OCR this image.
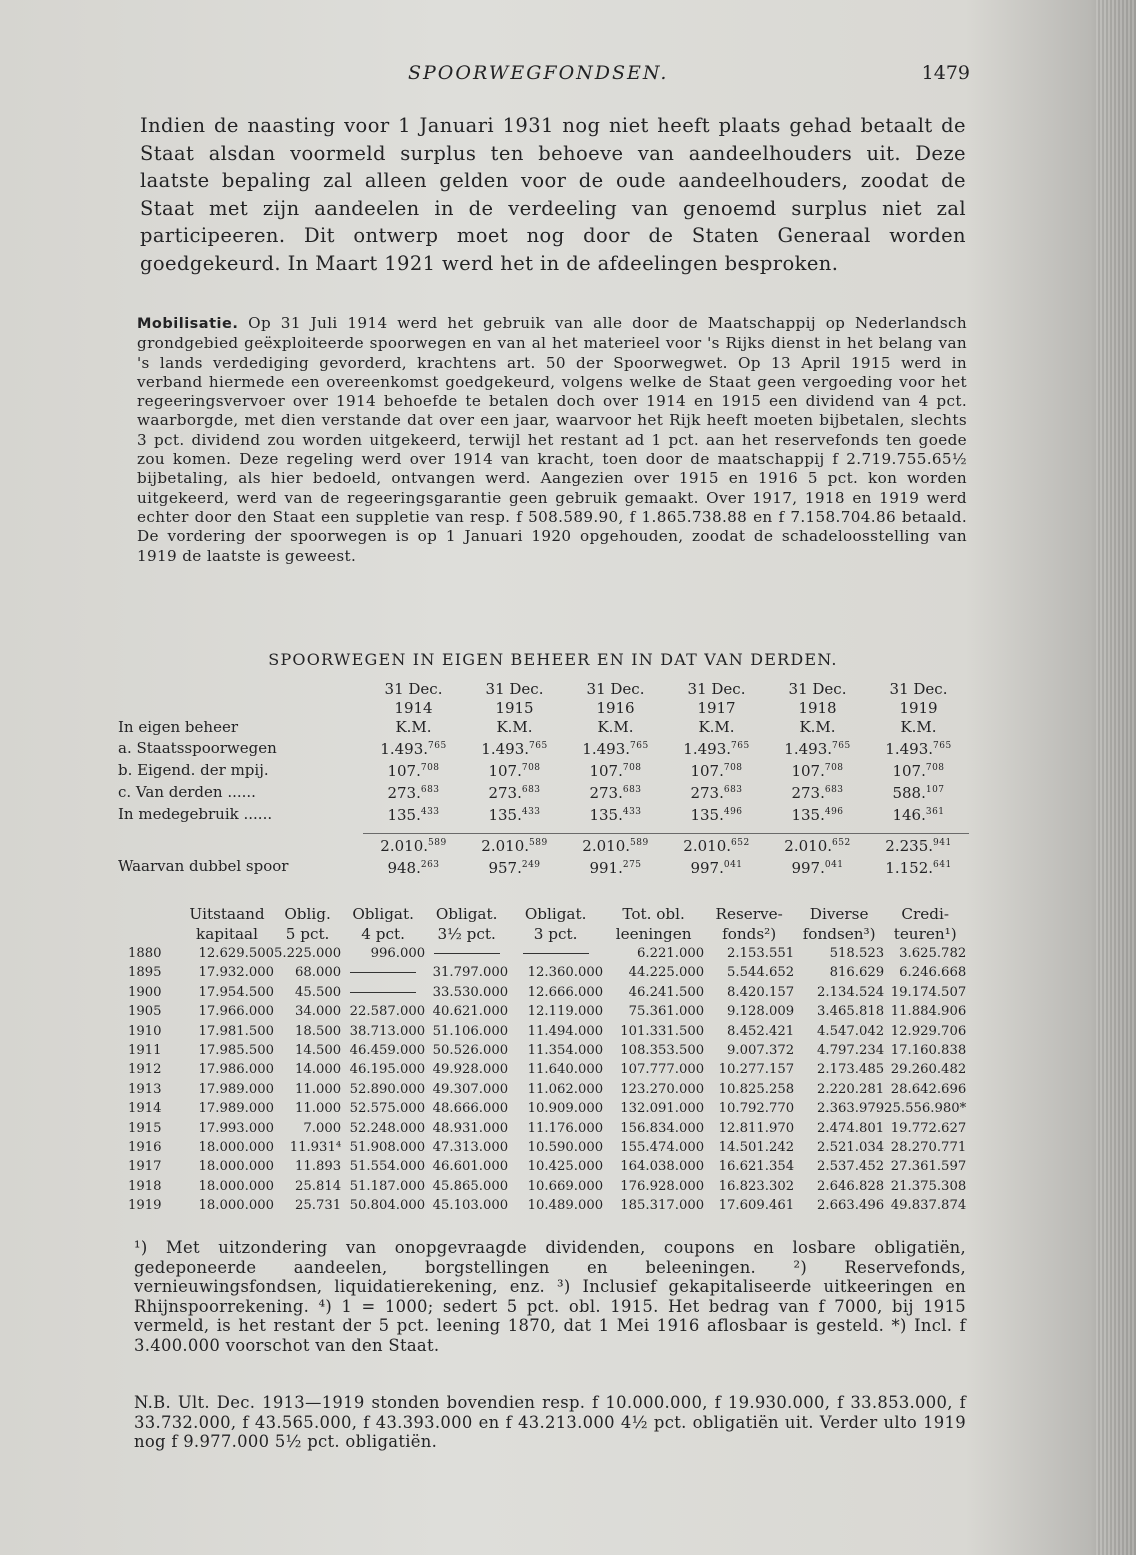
SPOORWEGFONDSEN.	1479

Indien de naasting voor 1 Januari 1931 nog niet heeft plaats gehad betaalt de Staat alsdan voormeld surplus ten behoeve van aandeelhouders uit. Deze laatste bepaling zal alleen gelden voor de oude aandeelhouders, zoodat de Staat met zijn aandeelen in de verdeeling van genoemd surplus niet zal participeeren. Dit ontwerp moet nog door de Staten Generaal worden goedgekeurd. In Maart 1921 werd het in de afdeelingen besproken.

Mobilisatie. Op 31 Juli 1914 werd het gebruik van alle door de Maatschappij op Nederlandsch grondgebied geëxploiteerde spoorwegen en van al het materieel voor 's Rijks dienst in het belang van 's lands verdediging gevorderd, krachtens art. 50 der Spoorwegwet. Op 13 April 1915 werd in verband hiermede een overeenkomst goedgekeurd, volgens welke de Staat geen vergoeding voor het regeeringsvervoer over 1914 behoefde te betalen doch over 1914 en 1915 een dividend van 4 pct. waarborgde, met dien verstande dat over een jaar, waarvoor het Rijk heeft moeten bijbetalen, slechts 3 pct. dividend zou worden uitgekeerd, terwijl het restant ad 1 pct. aan het reservefonds ten goede zou komen. Deze regeling werd over 1914 van kracht, toen door de maatschappij f 2.719.755.65½ bijbetaling, als hier bedoeld, ontvangen werd. Aangezien over 1915 en 1916 5 pct. kon worden uitgekeerd, werd van de regeeringsgarantie geen gebruik gemaakt. Over 1917, 1918 en 1919 werd echter door den Staat een suppletie van resp. f 508.589.90, f 1.865.738.88 en f 7.158.704.86 betaald. De vordering der spoorwegen is op 1 Januari 1920 opgehouden, zoodat de schadeloosstelling van 1919 de laatste is geweest.

SPOORWEGEN IN EIGEN BEHEER EN IN DAT VAN DERDEN.
	31 Dec.	31 Dec.	31 Dec.	31 Dec.	31 Dec.	31 Dec.
	1914	1915	1916	1917	1918	1919
In eigen beheer	K.M.	K.M.	K.M.	K.M.	K.M.	K.M.
a. Staatsspoorwegen	1.493.$^{765}$	1.493.$^{765}$	1.493.$^{765}$	1.493.$^{765}$	1.493.$^{765}$	1.493.$^{765}$
b. Eigend. der mpij.	107.$^{708}$	107.$^{708}$	107.$^{708}$	107.$^{708}$	107.$^{708}$	107.$^{708}$
c. Van derden ......	273.$^{683}$	273.$^{683}$	273.$^{683}$	273.$^{683}$	273.$^{683}$	588.$^{107}$
In medegebruik ......	135.$^{433}$	135.$^{433}$	135.$^{433}$	135.$^{496}$	135.$^{496}$	146.$^{361}$

	2.010.$^{589}$	2.010.$^{589}$	2.010.$^{589}$	2.010.$^{652}$	2.010.$^{652}$	2.235.$^{941}$
Waarvan dubbel spoor	948.$^{263}$	957.$^{249}$	991.$^{275}$	997.$^{041}$	997.$^{041}$	1.152.$^{641}$
	Uitstaand	Oblig.	Obligat.	Obligat.	Obligat.	Tot. obl.	Reserve-	Diverse	Credi-
	kapitaal	5 pct.	4 pct.	3½ pct.	3 pct.	leeningen	fonds²)	fondsen³)	teuren¹)
1880	12.629.500	5.225.000	996.000			6.221.000	2.153.551	518.523	3.625.782
1895	17.932.000	68.000		31.797.000	12.360.000	44.225.000	5.544.652	816.629	6.246.668
1900	17.954.500	45.500		33.530.000	12.666.000	46.241.500	8.420.157	2.134.524	19.174.507
1905	17.966.000	34.000	22.587.000	40.621.000	12.119.000	75.361.000	9.128.009	3.465.818	11.884.906
1910	17.981.500	18.500	38.713.000	51.106.000	11.494.000	101.331.500	8.452.421	4.547.042	12.929.706
1911	17.985.500	14.500	46.459.000	50.526.000	11.354.000	108.353.500	9.007.372	4.797.234	17.160.838
1912	17.986.000	14.000	46.195.000	49.928.000	11.640.000	107.777.000	10.277.157	2.173.485	29.260.482
1913	17.989.000	11.000	52.890.000	49.307.000	11.062.000	123.270.000	10.825.258	2.220.281	28.642.696
1914	17.989.000	11.000	52.575.000	48.666.000	10.909.000	132.091.000	10.792.770	2.363.979	25.556.980*
1915	17.993.000	7.000	52.248.000	48.931.000	11.176.000	156.834.000	12.811.970	2.474.801	19.772.627
1916	18.000.000	11.931⁴	51.908.000	47.313.000	10.590.000	155.474.000	14.501.242	2.521.034	28.270.771
1917	18.000.000	11.893	51.554.000	46.601.000	10.425.000	164.038.000	16.621.354	2.537.452	27.361.597
1918	18.000.000	25.814	51.187.000	45.865.000	10.669.000	176.928.000	16.823.302	2.646.828	21.375.308
1919	18.000.000	25.731	50.804.000	45.103.000	10.489.000	185.317.000	17.609.461	2.663.496	49.837.874

¹) Met uitzondering van onopgevraagde dividenden, coupons en losbare obligatiën, gedeponeerde aandeelen, borgstellingen en beleeningen. ²) Reservefonds, vernieuwingsfondsen, liquidatierekening, enz. ³) Inclusief gekapitaliseerde uitkeeringen en Rhijnspoorrekening. ⁴) 1 = 1000; sedert 5 pct. obl. 1915. Het bedrag van f 7000, bij 1915 vermeld, is het restant der 5 pct. leening 1870, dat 1 Mei 1916 aflosbaar is gesteld. *) Incl. f 3.400.000 voorschot van den Staat.

N.B. Ult. Dec. 1913—1919 stonden bovendien resp. f 10.000.000, f 19.930.000, f 33.853.000, f 33.732.000, f 43.565.000, f 43.393.000 en f 43.213.000 4½ pct. obligatiën uit. Verder ulto 1919 nog f 9.977.000 5½ pct. obligatiën.
